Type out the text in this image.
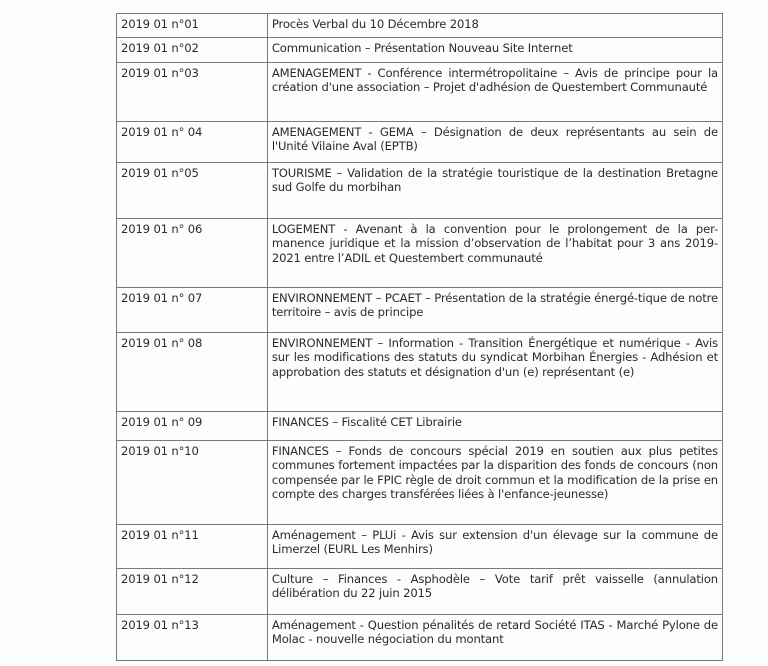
2019 01 n°01	Procès Verbal du 10 Décembre 2018
2019 01 n°02	Communication – Présentation Nouveau Site Internet
2019 01 n°03	AMENAGEMENT - Conférence intermétropolitaine – Avis de principe pour la création d'une association – Projet d'adhésion de Questembert Communauté
2019 01 n° 04	AMENAGEMENT - GEMA – Désignation de deux représentants au sein de l'Unité Vilaine Aval (EPTB)
2019 01 n°05	TOURISME – Validation de la stratégie touristique de la destination Bretagne sud Golfe du morbihan
2019 01 n° 06	LOGEMENT - Avenant à la convention pour le prolongement de la per-manence juridique et la mission d’observation de l’habitat pour 3 ans 2019-2021 entre l’ADIL et Questembert communauté
2019 01 n° 07	ENVIRONNEMENT – PCAET – Présentation de la stratégie énergé-tique de notre territoire – avis de principe
2019 01 n° 08	ENVIRONNEMENT – Information - Transition Énergétique et numérique - Avis sur les modifications des statuts du syndicat Morbihan Énergies - Adhésion et approbation des statuts et désignation d'un (e) représentant (e)
2019 01 n° 09	FINANCES – Fiscalité CET Librairie
2019 01 n°10	FINANCES – Fonds de concours spécial 2019 en soutien aux plus petites communes fortement impactées par la disparition des fonds de concours (non compensée par le FPIC règle de droit commun et la modification de la prise en compte des charges transférées liées à l'enfance-jeunesse)
2019 01 n°11	Aménagement – PLUi - Avis sur extension d'un élevage sur la commune de Limerzel (EURL Les Menhirs)
2019 01 n°12	Culture – Finances - Asphodèle – Vote tarif prêt vaisselle (annulation délibération du 22 juin 2015
2019 01 n°13	Aménagement - Question pénalités de retard Société ITAS - Marché Pylone de Molac - nouvelle négociation du montant
